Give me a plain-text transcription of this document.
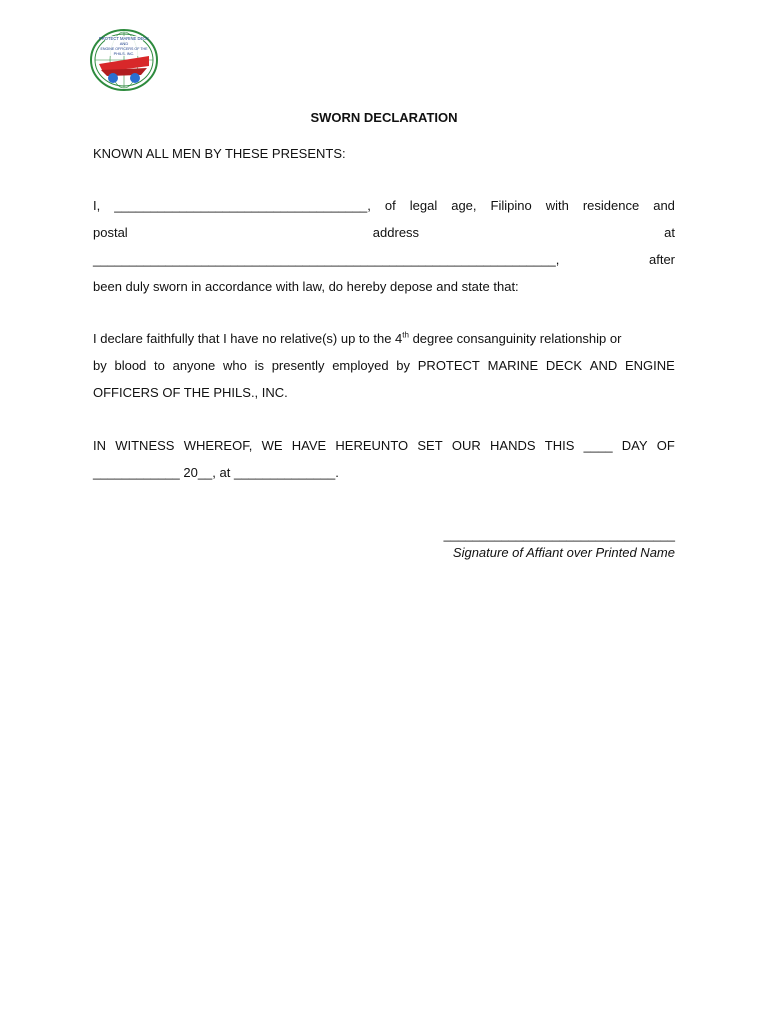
PROTECT MARINE DECK
AND
ENGINE OFFICERS OF THE
PHILS. INC.
SWORN DECLARATION
KNOWN ALL MEN BY THESE PRESENTS:
I, ___________________________________, of legal age, Filipino with residence and
postal	address	at
________________________________________________________________,	after
been duly sworn in accordance with law, do hereby depose and state that:
I declare faithfully that I have no relative(s) up to the 4th degree consanguinity relationship or
by blood to anyone who is presently employed by PROTECT MARINE DECK AND ENGINE
OFFICERS OF THE PHILS., INC.
IN WITNESS WHEREOF, WE HAVE HEREUNTO SET OUR HANDS THIS ____ DAY OF
____________ 20__, at ______________.
________________________________
Signature of Affiant over Printed Name
